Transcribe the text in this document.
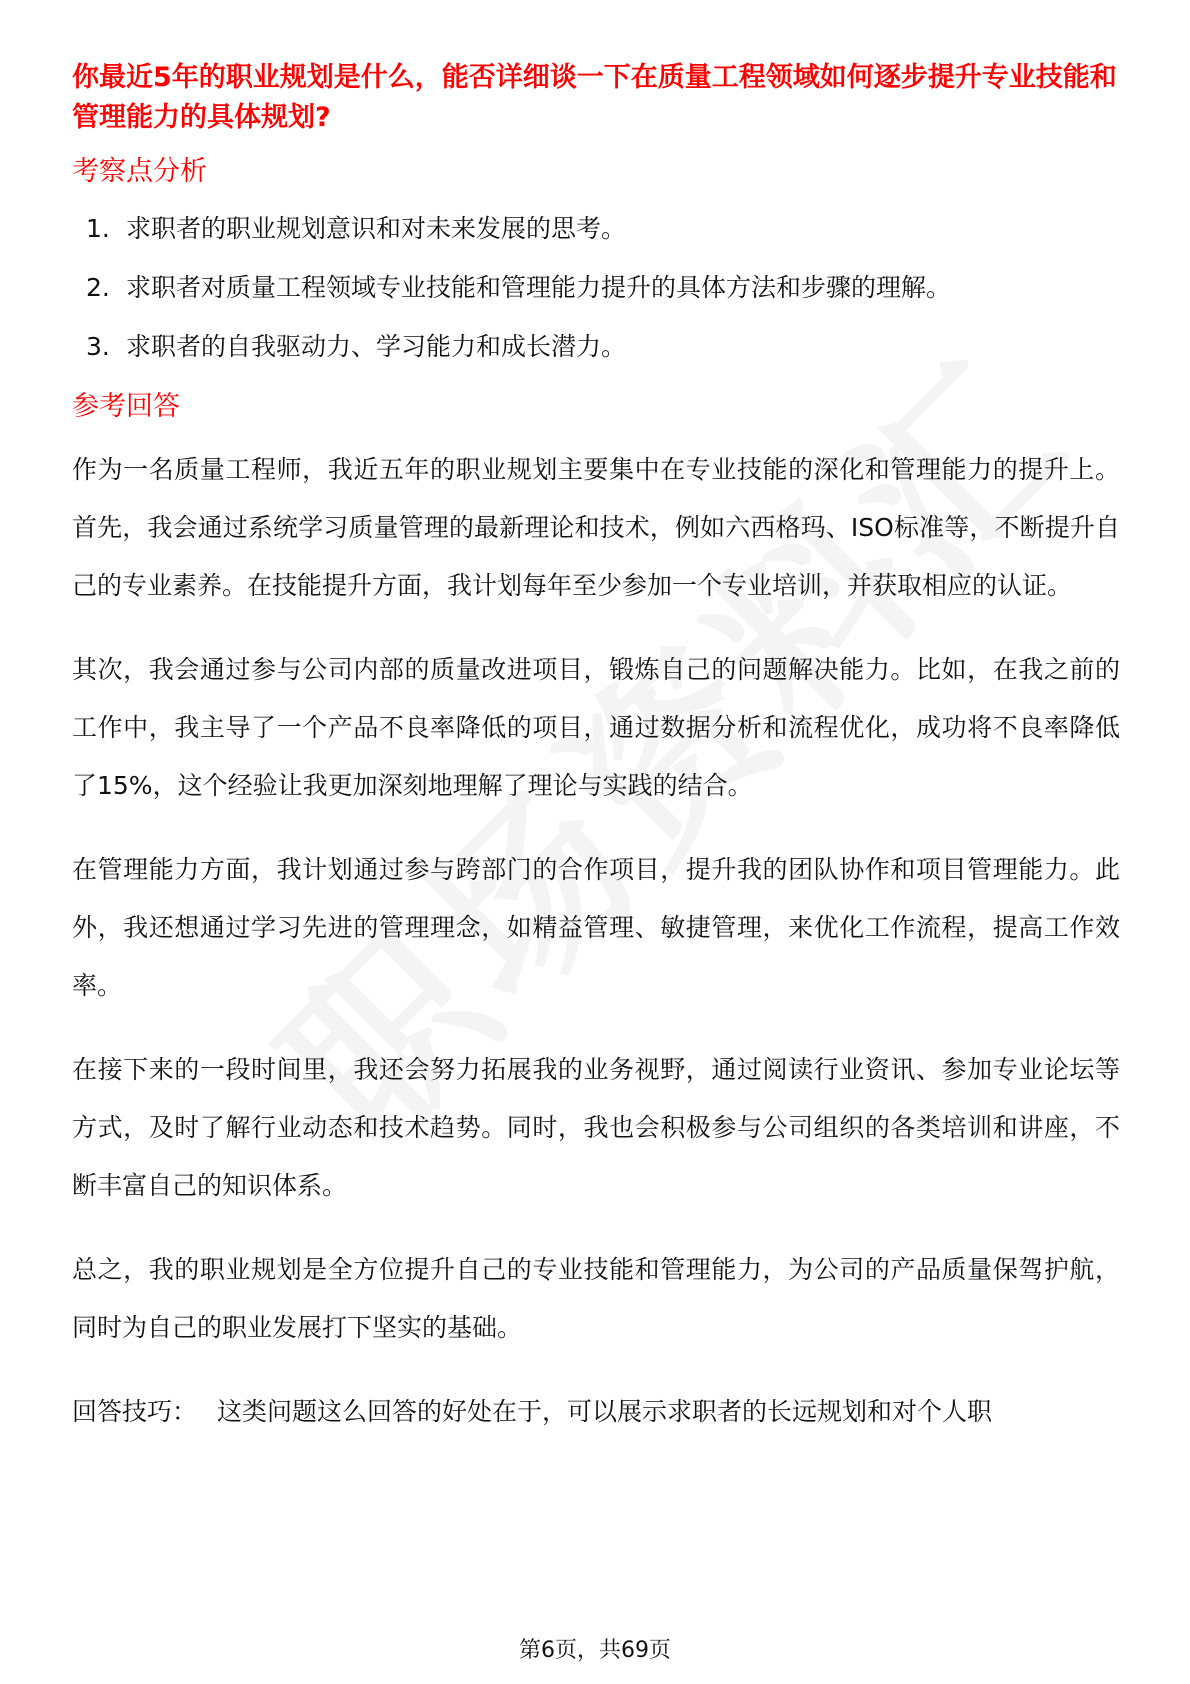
你最近5年的职业规划是什么，能否详细谈一下在质量工程领域如何逐步提升专业技能和管理能力的具体规划?
考察点分析
1. 求职者的职业规划意识和对未来发展的思考。
2. 求职者对质量工程领域专业技能和管理能力提升的具体方法和步骤的理解。
3. 求职者的自我驱动力、学习能力和成长潜力。
参考回答

作为一名质量工程师，我近五年的职业规划主要集中在专业技能的深化和管理能力的提升上。首先，我会通过系统学习质量管理的最新理论和技术，例如六西格玛、ISO标准等，不断提升自己的专业素养。在技能提升方面，我计划每年至少参加一个专业培训，并获取相应的认证。

其次，我会通过参与公司内部的质量改进项目，锻炼自己的问题解决能力。比如，在我之前的工作中，我主导了一个产品不良率降低的项目，通过数据分析和流程优化，成功将不良率降低了15%，这个经验让我更加深刻地理解了理论与实践的结合。

在管理能力方面，我计划通过参与跨部门的合作项目，提升我的团队协作和项目管理能力。此外，我还想通过学习先进的管理理念，如精益管理、敏捷管理，来优化工作流程，提高工作效率。

在接下来的一段时间里，我还会努力拓展我的业务视野，通过阅读行业资讯、参加专业论坛等方式，及时了解行业动态和技术趋势。同时，我也会积极参与公司组织的各类培训和讲座，不断丰富自己的知识体系。

总之，我的职业规划是全方位提升自己的专业技能和管理能力，为公司的产品质量保驾护航，同时为自己的职业发展打下坚实的基础。

回答技巧： 这类问题这么回答的好处在于，可以展示求职者的长远规划和对个人职

第6页，共69页
